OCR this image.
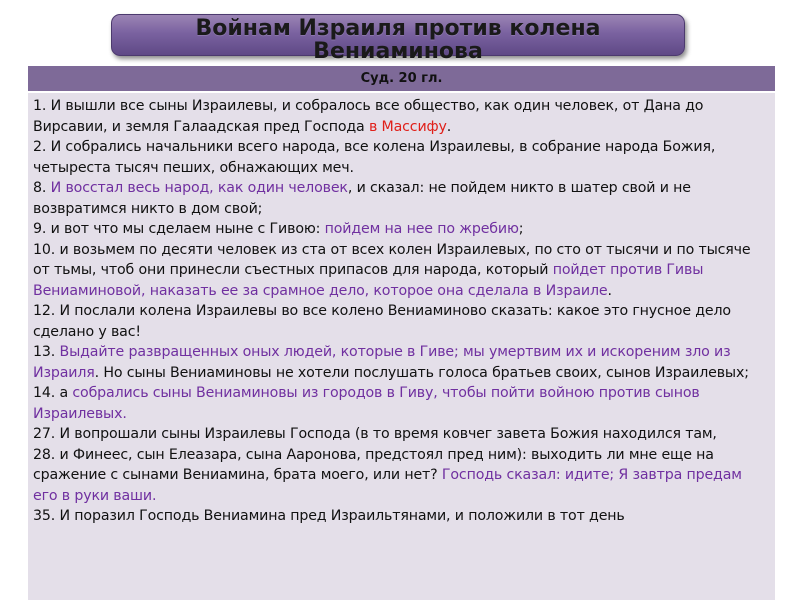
Войнам Израиля против колена
Вениаминова
Суд. 20 гл.

1. И вышли все сыны Израилевы, и собралось все общество, как один человек, от Дана до Вирсавии, и земля Галаадская пред Господа в Массифу.

2. И собрались начальники всего народа, все колена Израилевы, в собрание народа Божия, четыреста тысяч пеших, обнажающих меч.

8. И восстал весь народ, как один человек, и сказал: не пойдем никто в шатер свой и не возвратимся никто в дом свой;

9. и вот что мы сделаем ныне с Гивою: пойдем на нее по жребию;

10. и возьмем по десяти человек из ста от всех колен Израилевых, по сто от тысячи и по тысяче от тьмы, чтоб они принесли съестных припасов для народа, который пойдет против Гивы Вениаминовой, наказать ее за срамное дело, которое она сделала в Израиле.

12. И послали колена Израилевы во все колено Вениаминово сказать: какое это гнусное дело сделано у вас!

13. Выдайте развращенных оных людей, которые в Гиве; мы умертвим их и искореним зло из Израиля. Но сыны Вениаминовы не хотели послушать голоса братьев своих, сынов Израилевых;

14. а собрались сыны Вениаминовы из городов в Гиву, чтобы пойти войною против сынов Израилевых.

27. И вопрошали сыны Израилевы Господа (в то время ковчег завета Божия находился там,

28. и Финеес, сын Елеазара, сына Ааронова, предстоял пред ним): выходить ли мне еще на сражение с сынами Вениамина, брата моего, или нет? Господь сказал: идите; Я завтра предам его в руки ваши.

35. И поразил Господь Вениамина пред Израильтянами, и положили в тот день
